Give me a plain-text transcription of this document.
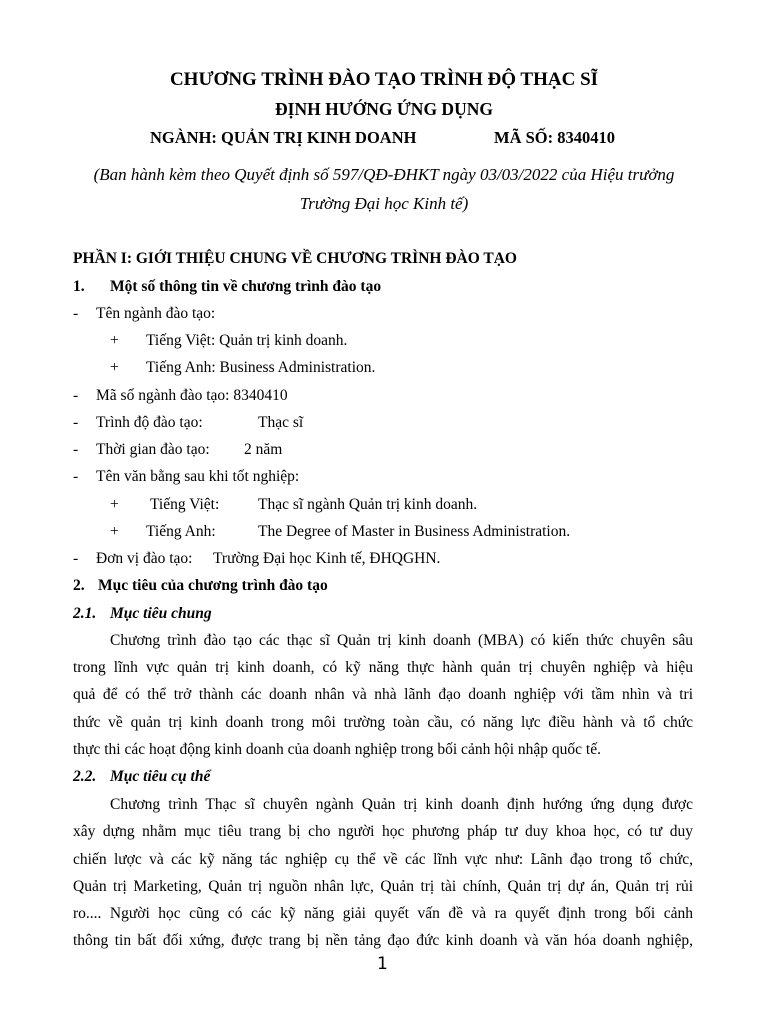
CHƯƠNG TRÌNH ĐÀO TẠO TRÌNH ĐỘ THẠC SĨ
ĐỊNH HƯỚNG ỨNG DỤNG
NGÀNH: QUẢN TRỊ KINH DOANH	MÃ SỐ: 8340410
(Ban hành kèm theo Quyết định số 597/QĐ-ĐHKT ngày 03/03/2022 của Hiệu trưởng
Trường Đại học Kinh tế)
PHẦN I: GIỚI THIỆU CHUNG VỀ CHƯƠNG TRÌNH ĐÀO TẠO
1. Một số thông tin về chương trình đào tạo
- Tên ngành đào tạo:
+ Tiếng Việt: Quản trị kinh doanh.
+ Tiếng Anh: Business Administration.
- Mã số ngành đào tạo: 8340410
- Trình độ đào tạo:	Thạc sĩ
- Thời gian đào tạo: 2 năm
- Tên văn bằng sau khi tốt nghiệp:
+ Tiếng Việt: Thạc sĩ ngành Quản trị kinh doanh.
+ Tiếng Anh:	The Degree of Master in Business Administration.
- Đơn vị đào tạo: Trường Đại học Kinh tế, ĐHQGHN.
2. Mục tiêu của chương trình đào tạo
2.1. Mục tiêu chung
Chương trình đào tạo các thạc sĩ Quản trị kinh doanh (MBA) có kiến thức chuyên sâu
trong lĩnh vực quản trị kinh doanh, có kỹ năng thực hành quản trị chuyên nghiệp và hiệu
quả để có thể trở thành các doanh nhân và nhà lãnh đạo doanh nghiệp với tầm nhìn và tri
thức về quản trị kinh doanh trong môi trường toàn cầu, có năng lực điều hành và tổ chức
thực thi các hoạt động kinh doanh của doanh nghiệp trong bối cảnh hội nhập quốc tế.
2.2. Mục tiêu cụ thể
Chương trình Thạc sĩ chuyên ngành Quản trị kinh doanh định hướng ứng dụng được
xây dựng nhằm mục tiêu trang bị cho người học phương pháp tư duy khoa học, có tư duy
chiến lược và các kỹ năng tác nghiệp cụ thể về các lĩnh vực như: Lãnh đạo trong tổ chức,
Quản trị Marketing, Quản trị nguồn nhân lực, Quản trị tài chính, Quản trị dự án, Quản trị rủi
ro.... Người học cũng có các kỹ năng giải quyết vấn đề và ra quyết định trong bối cảnh
thông tin bất đối xứng, được trang bị nền tảng đạo đức kinh doanh và văn hóa doanh nghiệp,
1
